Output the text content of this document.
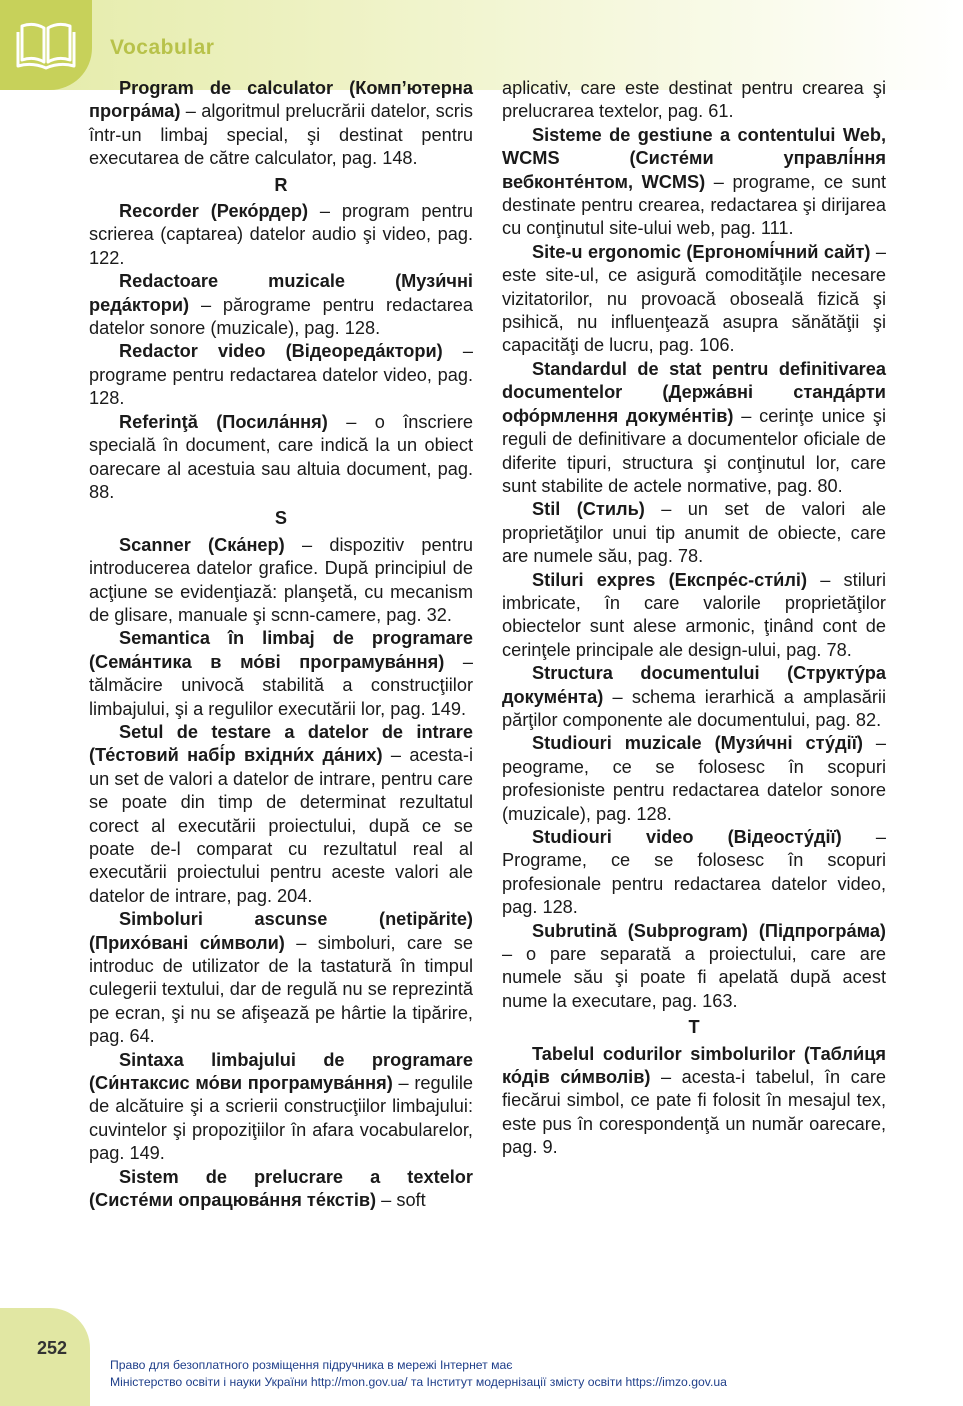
Vocabular

Program de calculator (Комп’ютерна програ́ма) – algoritmul prelucrării datelor, scris într-un limbaj special, şi destinat pentru executarea de către calculator, pag. 148.

R

Recorder (Реко́рдер) – program pentru scrierea (captarea) datelor audio şi video, pag. 122.

Redactoare muzicale (Музи́чні реда́ктори) – părograme pentru redactarea datelor sonore (muzicale), pag. 128.

Redactor video (Відеореда́ктори) – programe pentru redactarea datelor video, pag. 128.

Referinţă (Посила́ння) – o înscriere specială în document, care indică la un obiect oarecare al acestuia sau altuia document, pag. 88.

S

Scanner (Ска́нер) – dispozitiv pentru introducerea datelor grafice. După principiul de acţiune se evidenţiază: planşetă, cu mecanism de glisare, manuale şi scnn-camere, pag. 32.

Semantica în limbaj de programare (Сема́нтика в мо́ві програмува́ння) – tălmăcire univocă stabilită a construcţiilor limbajului, şi a regulilor executării lor, pag. 149.

Setul de testare a datelor de intrare (Те́стовий набі́р вхідни́х да́них) – acesta-i un set de valori a datelor de intrare, pentru care se poate din timp de determinat rezultatul corect al executării proiectului, după ce se poate de-l comparat cu rezultatul real al executării proiectului pentru aceste valori ale datelor de intrare, pag. 204.

Simboluri ascunse (netipărite) (Прихо́вані си́мволи) – simboluri, care se introduc de utilizator de la tastatură în timpul culegerii textului, dar de regulă nu se reprezintă pe ecran, şi nu se afişează pe hârtie la tipărire, pag. 64.

Sintaxa limbajului de programare (Си́нтаксис мо́ви програмува́ння) – regulile de alcătuire şi a scrierii construcţiilor limbajului: cuvintelor şi propoziţiilor în afara vocabularelor, pag. 149.

Sistem de prelucrare a textelor (Систе́ми опрацюва́ння те́кстів) – soft

aplicativ, care este destinat pentru crearea şi prelucrarea textelor, pag. 61.

Sisteme de gestiune a contentului Web, WCMS (Систе́ми управлі́ння вебконте́нтом, WCMS) – programe, ce sunt destinate pentru crearea, redactarea şi dirijarea cu conţinutul site-ului web, pag. 111.

Site-u ergonomic (Ергономі́чний сайт) – este site-ul, ce asigură comodităţile necesare vizitatorilor, nu provoacă oboseală fizică şi psihică, nu influenţează asupra sănătăţii şi capacităţi de lucru, pag. 106.

Standardul de stat pentru definitivarea documentelor (Держа́вні станда́рти офо́рмлення докуме́нтів) – cerinţe unice şi reguli de definitivare a documentelor oficiale de diferite tipuri, structura şi conţinutul lor, care sunt stabilite de actele normative, pag. 80.

Stil (Стиль) – un set de valori ale proprietăţilor unui tip anumit de obiecte, care are numele său, pag. 78.

Stiluri expres (Експре́с-сти́лі) – stiluri imbricate, în care valorile proprietăţilor obiectelor sunt alese armonic, ţinând cont de cerinţele principale ale design-ului, pag. 78.

Structura documentului (Структу́ра докуме́нта) – schema ierarhică a amplasării părţilor componente ale documentului, pag. 82.

Studiouri muzicale (Музи́чні сту́дії) – peograme, ce se folosesc în scopuri profesioniste pentru redactarea datelor sonore (muzicale), pag. 128.

Studiouri video (Відеосту́дії) – Programe, ce se folosesc în scopuri profesionale pentru redactarea datelor video, pag. 128.

Subrutină (Subprogram) (Підпрогра́ма) – o pare separată a proiectului, care are numele său şi poate fi apelată după acest nume la executare, pag. 163.

T

Tabelul codurilor simbolurilor (Табли́ця ко́дів си́мволів) – acesta-i tabelul, în care fiecărui simbol, ce pate fi folosit în mesajul tex, este pus în corespondenţă un număr oarecare, pag. 9.

252
Право для безоплатного розміщення підручника в мережі Інтернет має
Міністерство освіти і науки України http://mon.gov.ua/ та Інститут модернізації змісту освіти https://imzo.gov.ua
